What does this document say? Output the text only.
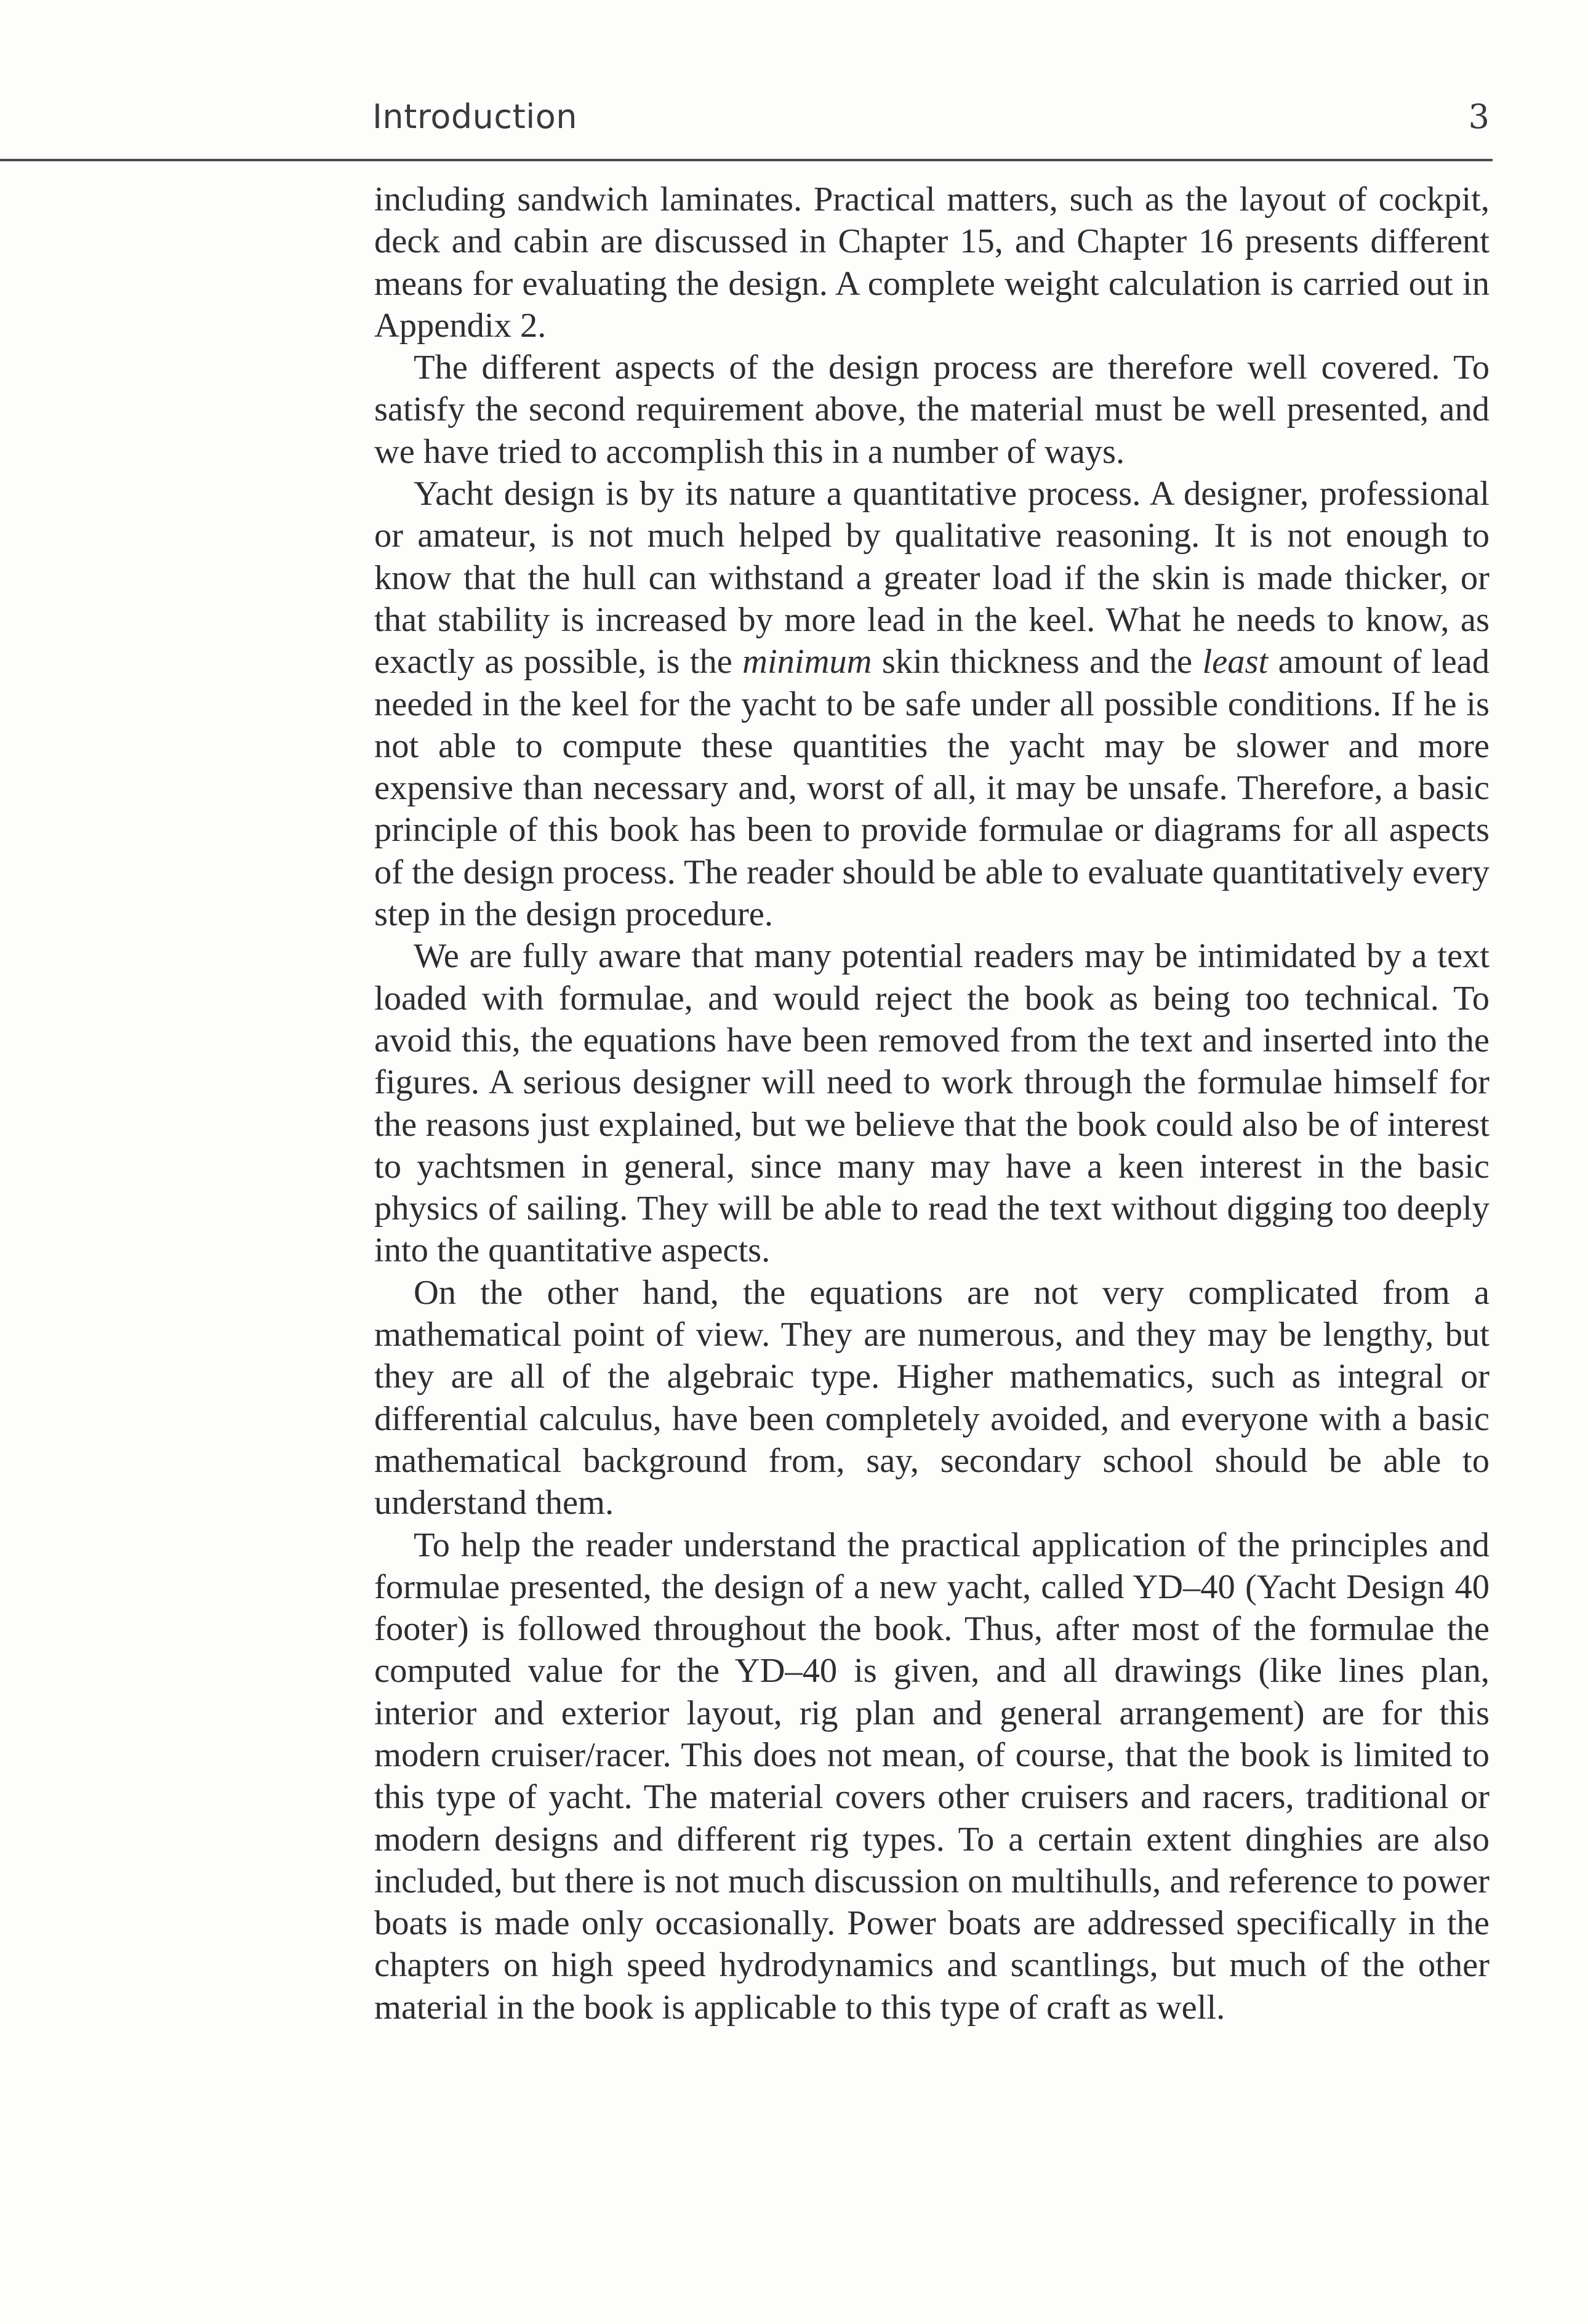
Introduction	3

including sandwich laminates. Practical matters, such as the layout of cockpit, deck and cabin are discussed in Chapter 15, and Chapter 16 presents different means for evaluating the design. A complete weight calculation is carried out in Appendix 2.

The different aspects of the design process are therefore well covered. To satisfy the second requirement above, the material must be well presented, and we have tried to accomplish this in a number of ways.

Yacht design is by its nature a quantitative process. A designer, professional or amateur, is not much helped by qualitative reasoning. It is not enough to know that the hull can withstand a greater load if the skin is made thicker, or that stability is increased by more lead in the keel. What he needs to know, as exactly as possible, is the minimum skin thickness and the least amount of lead needed in the keel for the yacht to be safe under all possible conditions. If he is not able to compute these quantities the yacht may be slower and more expensive than necessary and, worst of all, it may be unsafe. Therefore, a basic principle of this book has been to provide formulae or diagrams for all aspects of the design process. The reader should be able to evaluate quantitatively every step in the design procedure.

We are fully aware that many potential readers may be intimidated by a text loaded with formulae, and would reject the book as being too technical. To avoid this, the equations have been removed from the text and inserted into the figures. A serious designer will need to work through the formulae himself for the reasons just explained, but we believe that the book could also be of interest to yachtsmen in general, since many may have a keen interest in the basic physics of sailing. They will be able to read the text without digging too deeply into the quantitative aspects.

On the other hand, the equations are not very complicated from a mathematical point of view. They are numerous, and they may be lengthy, but they are all of the algebraic type. Higher mathematics, such as integral or differential calculus, have been completely avoided, and everyone with a basic mathematical background from, say, secondary school should be able to understand them.

To help the reader understand the practical application of the principles and formulae presented, the design of a new yacht, called YD–40 (Yacht Design 40 footer) is followed throughout the book. Thus, after most of the formulae the computed value for the YD–40 is given, and all drawings (like lines plan, interior and exterior layout, rig plan and general arrangement) are for this modern cruiser/racer. This does not mean, of course, that the book is limited to this type of yacht. The material covers other cruisers and racers, traditional or modern designs and different rig types. To a certain extent dinghies are also included, but there is not much discussion on multihulls, and reference to power boats is made only occasionally. Power boats are addressed specifically in the chapters on high speed hydrodynamics and scantlings, but much of the other material in the book is applicable to this type of craft as well.
